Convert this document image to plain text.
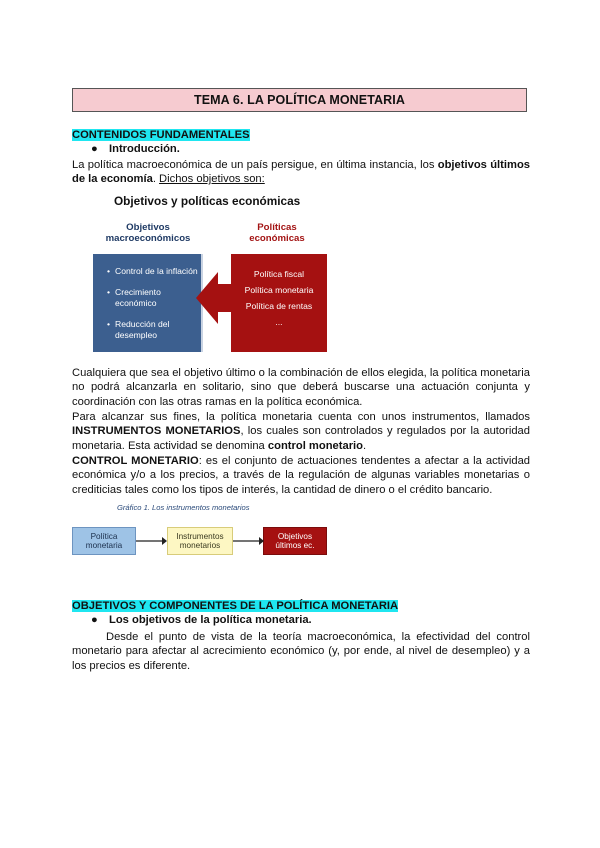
TEMA 6. LA POLÍTICA MONETARIA
CONTENIDOS FUNDAMENTALES
● Introducción.
La política macroeconómica de un país persigue, en última instancia, los objetivos últimos de la economía. Dichos objetivos son:
Objetivos y políticas económicas
Objetivos macroeconómicos
Políticas económicas
• Control de la inflación
• Crecimiento económico
• Reducción del desempleo
Política fiscal
Política monetaria
Política de rentas
...
Cualquiera que sea el objetivo último o la combinación de ellos elegida, la política monetaria no podrá alcanzarla en solitario, sino que deberá buscarse una actuación conjunta y coordinación con las otras ramas en la política económica.
Para alcanzar sus fines, la política monetaria cuenta con unos instrumentos, llamados INSTRUMENTOS MONETARIOS, los cuales son controlados y regulados por la autoridad monetaria. Esta actividad se denomina control monetario.
CONTROL MONETARIO: es el conjunto de actuaciones tendentes a afectar a la actividad económica y/o a los precios, a través de la regulación de algunas variables monetarias o crediticias tales como los tipos de interés, la cantidad de dinero o el crédito bancario.
Gráfico 1. Los instrumentos monetarios
Política monetaria
Instrumentos monetarios
Objetivos últimos ec.
OBJETIVOS Y COMPONENTES DE LA POLÍTICA MONETARIA
● Los objetivos de la política monetaria.
Desde el punto de vista de la teoría macroeconómica, la efectividad del control monetario para afectar al acrecimiento económico (y, por ende, al nivel de desempleo) y a los precios es diferente.
